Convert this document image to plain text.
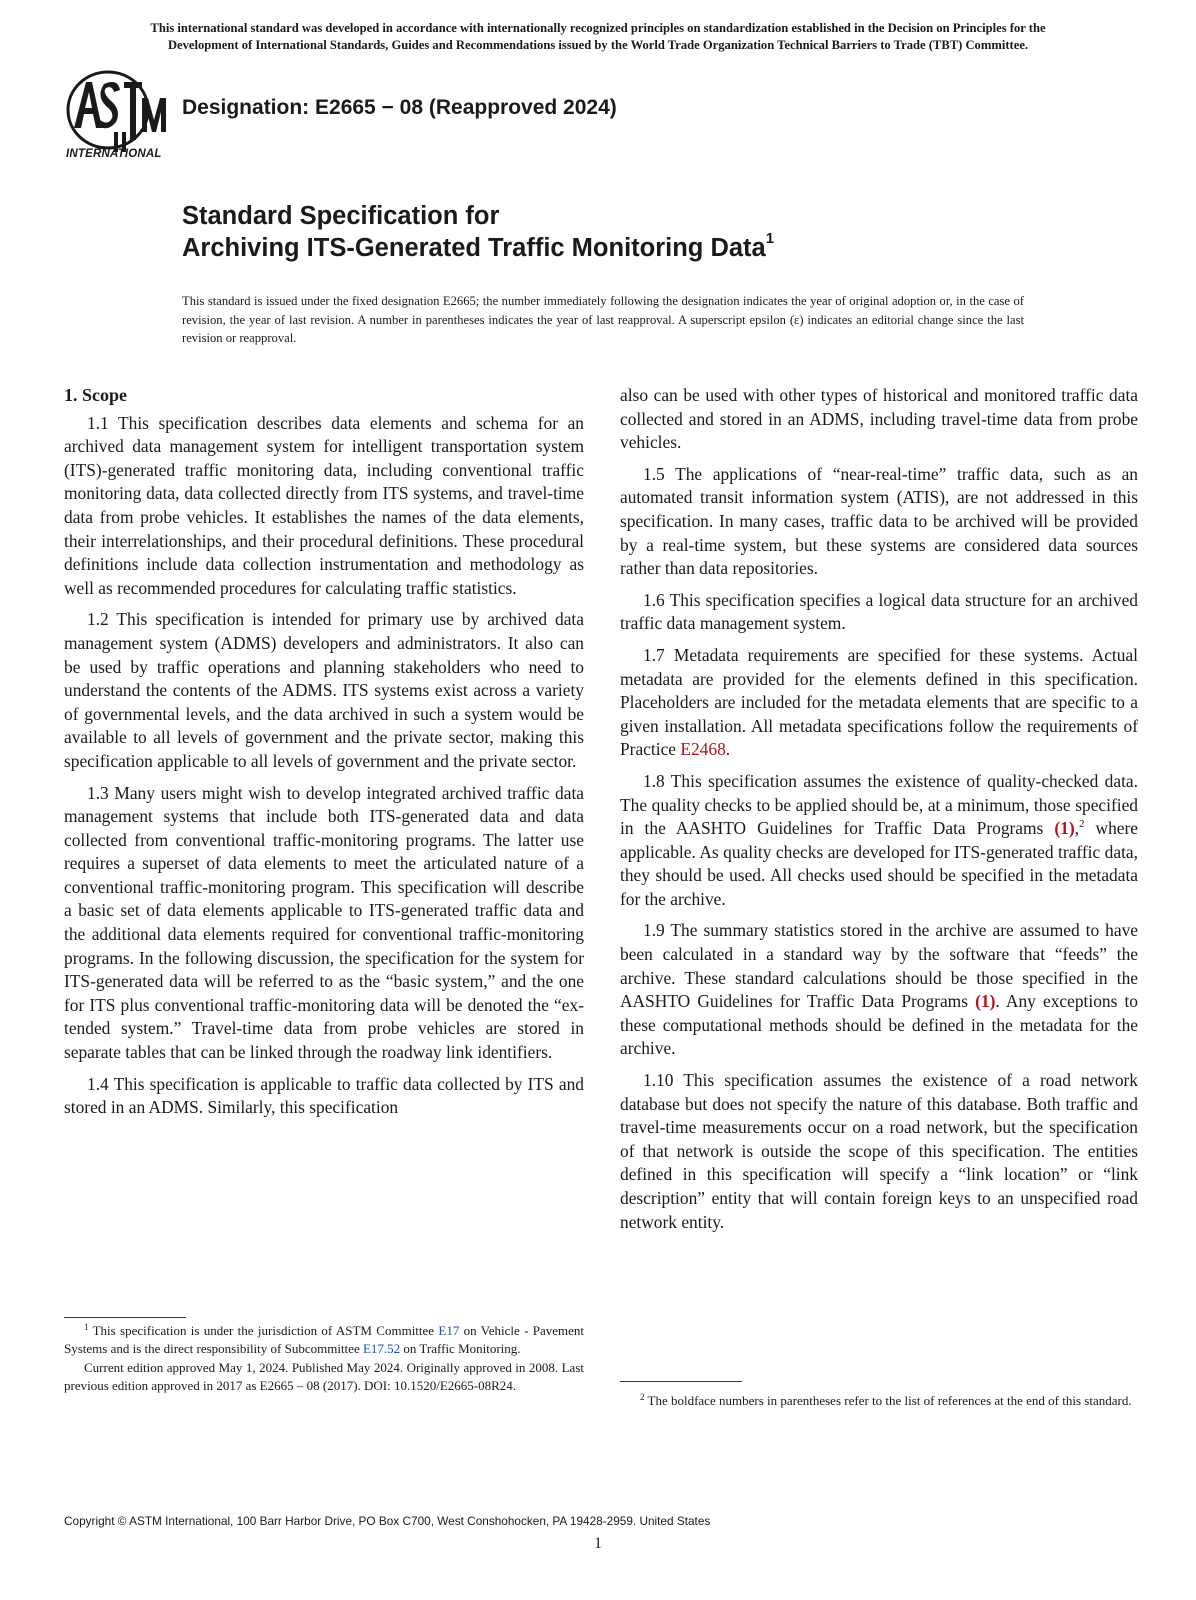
This international standard was developed in accordance with internationally recognized principles on standardization established in the Decision on Principles for the
Development of International Standards, Guides and Recommendations issued by the World Trade Organization Technical Barriers to Trade (TBT) Committee.
INTERNATIONAL
Designation: E2665 − 08 (Reapproved 2024)
Standard Specification for
Archiving ITS-Generated Traffic Monitoring Data$^1$
This standard is issued under the fixed designation E2665; the number immediately following the designation indicates the year of original adoption or, in the case of revision, the year of last revision. A number in parentheses indicates the year of last reapproval. A superscript epsilon (ε) indicates an editorial change since the last revision or reapproval.
1. Scope

1.1 This specification describes data elements and schema for an archived data management system for intelligent transportation system (ITS)-generated traffic monitoring data, including conventional traffic monitoring data, data collected directly from ITS systems, and travel-time data from probe vehicles. It establishes the names of the data elements, their interrelationships, and their procedural definitions. These procedural definitions include data collection instrumentation and methodology as well as recommended procedures for calculating traffic statistics.

1.2 This specification is intended for primary use by archived data management system (ADMS) developers and administrators. It also can be used by traffic operations and planning stakeholders who need to understand the contents of the ADMS. ITS systems exist across a variety of governmental levels, and the data archived in such a system would be available to all levels of government and the private sector, making this specification applicable to all levels of government and the private sector.

1.3 Many users might wish to develop integrated archived traffic data management systems that include both ITS-generated data and data collected from conventional traffic-monitoring programs. The latter use requires a superset of data elements to meet the articulated nature of a conventional traffic-monitoring program. This specification will describe a basic set of data elements applicable to ITS-generated traffic data and the additional data elements required for conventional traffic-monitoring programs. In the following discussion, the specification for the system for ITS-generated data will be referred to as the “basic system,” and the one for ITS plus conventional traffic-monitoring data will be denoted the “extended system.” Travel-time data from probe vehicles are stored in separate tables that can be linked through the roadway link identifiers.

1.4 This specification is applicable to traffic data collected by ITS and stored in an ADMS. Similarly, this specification

also can be used with other types of historical and monitored traffic data collected and stored in an ADMS, including travel-time data from probe vehicles.

1.5 The applications of “near-real-time” traffic data, such as an automated transit information system (ATIS), are not addressed in this specification. In many cases, traffic data to be archived will be provided by a real-time system, but these systems are considered data sources rather than data repositories.

1.6 This specification specifies a logical data structure for an archived traffic data management system.

1.7 Metadata requirements are specified for these systems. Actual metadata are provided for the elements defined in this specification. Placeholders are included for the metadata elements that are specific to a given installation. All metadata specifications follow the requirements of Practice E2468.

1.8 This specification assumes the existence of quality-checked data. The quality checks to be applied should be, at a minimum, those specified in the AASHTO Guidelines for Traffic Data Programs (1),$^2$ where applicable. As quality checks are developed for ITS-generated traffic data, they should be used. All checks used should be specified in the metadata for the archive.

1.9 The summary statistics stored in the archive are assumed to have been calculated in a standard way by the software that “feeds” the archive. These standard calculations should be those specified in the AASHTO Guidelines for Traffic Data Programs (1). Any exceptions to these computational methods should be defined in the metadata for the archive.

1.10 This specification assumes the existence of a road network database but does not specify the nature of this database. Both traffic and travel-time measurements occur on a road network, but the specification of that network is outside the scope of this specification. The entities defined in this specification will specify a “link location” or “link description” entity that will contain foreign keys to an unspecified road network entity.

$^1$ This specification is under the jurisdiction of ASTM Committee E17 on Vehicle - Pavement Systems and is the direct responsibility of Subcommittee E17.52 on Traffic Monitoring.

Current edition approved May 1, 2024. Published May 2024. Originally approved in 2008. Last previous edition approved in 2017 as E2665 – 08 (2017). DOI: 10.1520/E2665-08R24.

$^2$ The boldface numbers in parentheses refer to the list of references at the end of this standard.

Copyright © ASTM International, 100 Barr Harbor Drive, PO Box C700, West Conshohocken, PA 19428-2959. United States
1
